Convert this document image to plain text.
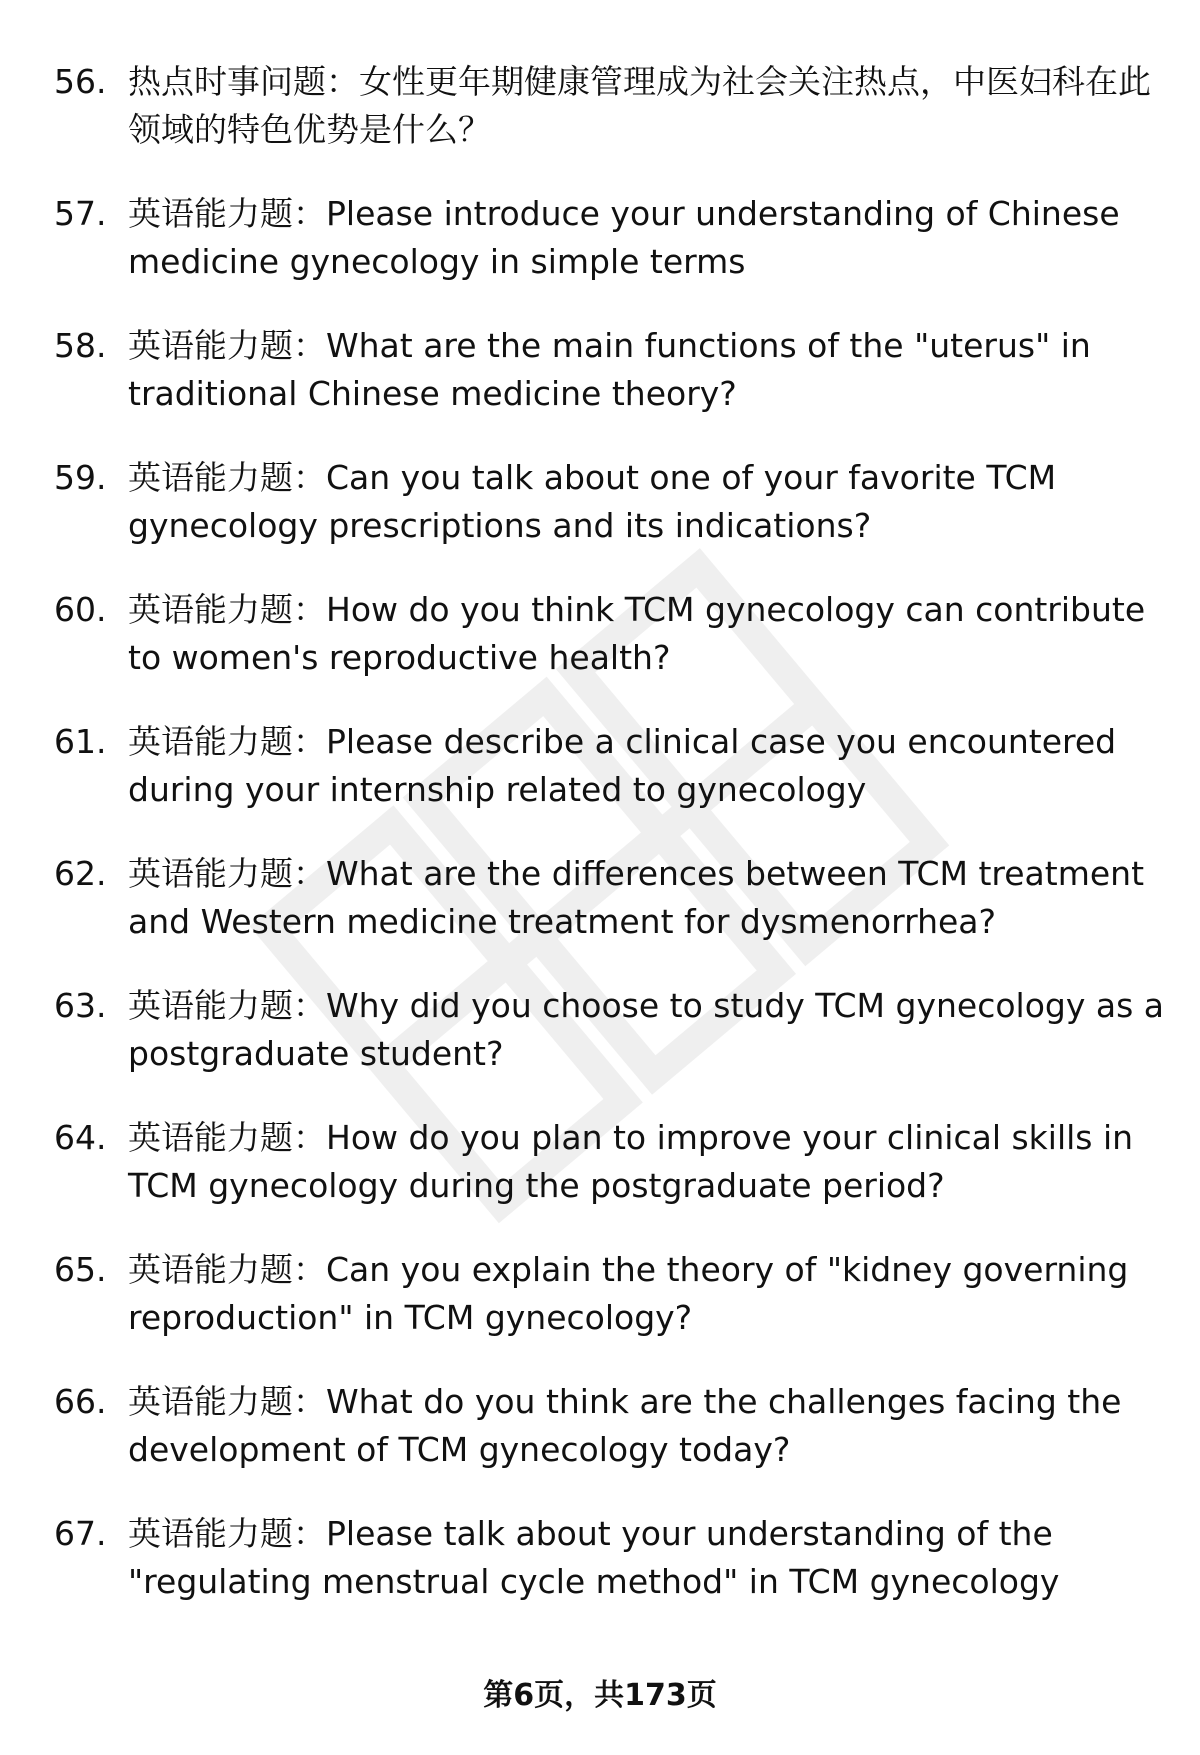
56. 热点时事问题：女性更年期健康管理成为社会关注热点，中医妇科在此领域的特色优势是什么？
57. 英语能力题：Please introduce your understanding of Chinese medicine gynecology in simple terms
58. 英语能力题：What are the main functions of the "uterus" in traditional Chinese medicine theory?
59. 英语能力题：Can you talk about one of your favorite TCM gynecology prescriptions and its indications?
60. 英语能力题：How do you think TCM gynecology can contribute to women's reproductive health?
61. 英语能力题：Please describe a clinical case you encountered during your internship related to gynecology
62. 英语能力题：What are the differences between TCM treatment and Western medicine treatment for dysmenorrhea?
63. 英语能力题：Why did you choose to study TCM gynecology as a postgraduate student?
64. 英语能力题：How do you plan to improve your clinical skills in TCM gynecology during the postgraduate period?
65. 英语能力题：Can you explain the theory of "kidney governing reproduction" in TCM gynecology?
66. 英语能力题：What do you think are the challenges facing the development of TCM gynecology today?
67. 英语能力题：Please talk about your understanding of the "regulating menstrual cycle method" in TCM gynecology
第6页，共173页
